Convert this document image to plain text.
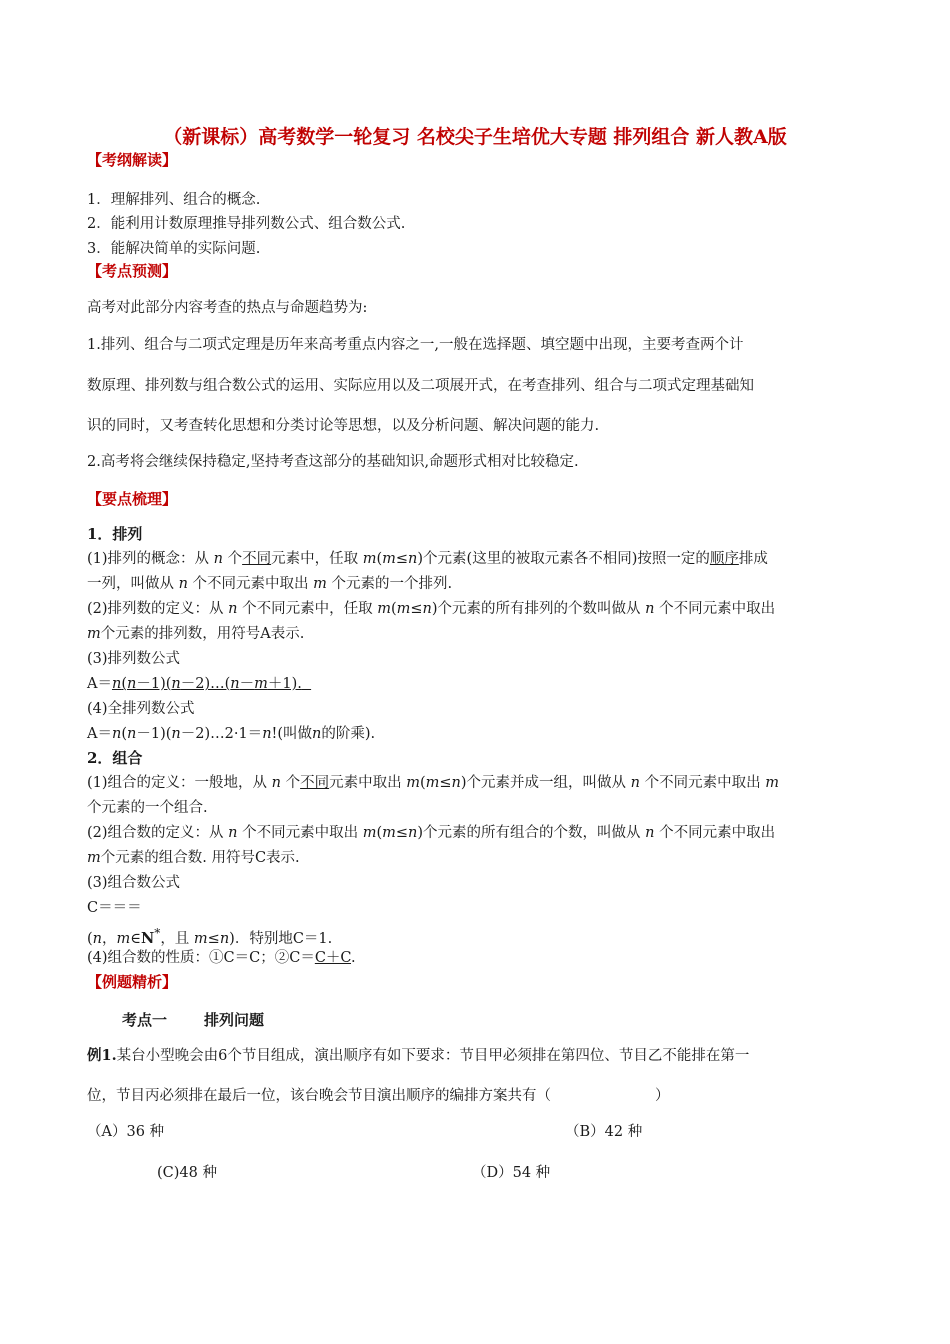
（新课标）高考数学一轮复习 名校尖子生培优大专题 排列组合 新人教A版
【考纲解读】
1．理解排列、组合的概念.
2．能利用计数原理推导排列数公式、组合数公式.
3．能解决简单的实际问题.
【考点预测】
高考对此部分内容考查的热点与命题趋势为:
1.排列、组合与二项式定理是历年来高考重点内容之一,一般在选择题、填空题中出现，主要考查两个计
数原理、排列数与组合数公式的运用、实际应用以及二项展开式，在考查排列、组合与二项式定理基础知
识的同时，又考查转化思想和分类讨论等思想，以及分析问题、解决问题的能力.
2.高考将会继续保持稳定,坚持考查这部分的基础知识,命题形式相对比较稳定.
【要点梳理】
1．排列
(1)排列的概念：从 n 个不同元素中，任取 m(m≤n)个元素(这里的被取元素各不相同)按照一定的顺序排成
一列，叫做从 n 个不同元素中取出 m 个元素的一个排列.
(2)排列数的定义：从 n 个不同元素中，任取 m(m≤n)个元素的所有排列的个数叫做从 n 个不同元素中取出
m个元素的排列数，用符号A表示.
(3)排列数公式
A＝n(n－1)(n－2)…(n－m＋1).
(4)全排列数公式
A＝n(n－1)(n－2)…2·1＝n!(叫做n的阶乘).
2．组合
(1)组合的定义：一般地，从 n 个不同元素中取出 m(m≤n)个元素并成一组，叫做从 n 个不同元素中取出 m
个元素的一个组合.
(2)组合数的定义：从 n 个不同元素中取出 m(m≤n)个元素的所有组合的个数，叫做从 n 个不同元素中取出
m个元素的组合数. 用符号C表示.
(3)组合数公式
C＝＝＝
(n，m∈N*，且 m≤n)．特别地C＝1.
(4)组合数的性质：①C＝C；②C＝C＋C.
【例题精析】
考点一 排列问题
例1.某台小型晚会由6个节目组成，演出顺序有如下要求：节目甲必须排在第四位、节目乙不能排在第一
位，节目丙必须排在最后一位，该台晚会节目演出顺序的编排方案共有（	）
（A）36 种	（B）42 种
(C)48 种	（D）54 种
